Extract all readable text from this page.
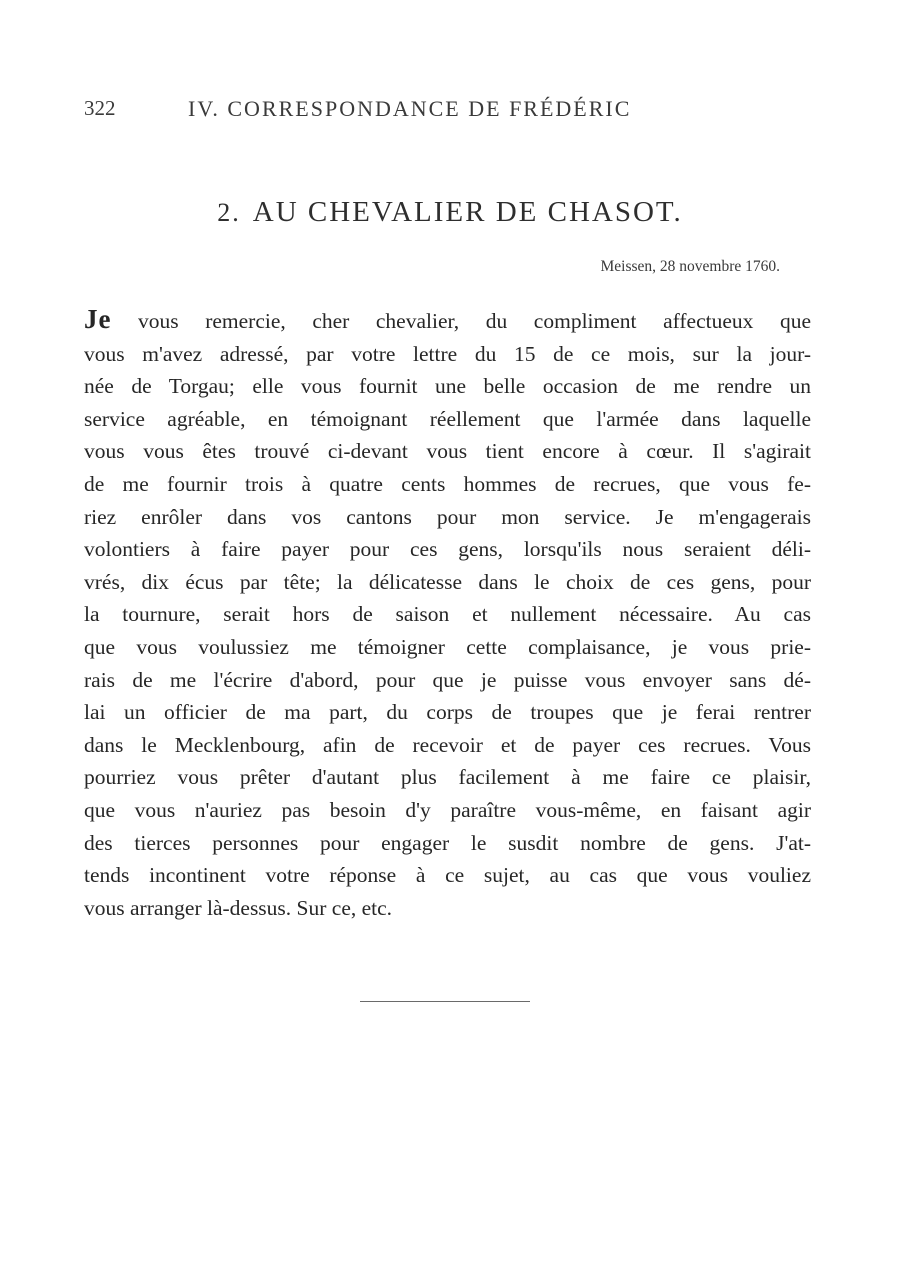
322	IV. CORRESPONDANCE DE FRÉDÉRIC
2. AU CHEVALIER DE CHASOT.
Meissen, 28 novembre 1760.
Je vous remercie, cher chevalier, du compliment affectueux que
vous m'avez adressé, par votre lettre du 15 de ce mois, sur la jour-
née de Torgau; elle vous fournit une belle occasion de me rendre un
service agréable, en témoignant réellement que l'armée dans laquelle
vous vous êtes trouvé ci-devant vous tient encore à cœur. Il s'agirait
de me fournir trois à quatre cents hommes de recrues, que vous fe-
riez enrôler dans vos cantons pour mon service. Je m'engagerais
volontiers à faire payer pour ces gens, lorsqu'ils nous seraient déli-
vrés, dix écus par tête; la délicatesse dans le choix de ces gens, pour
la tournure, serait hors de saison et nullement nécessaire. Au cas
que vous voulussiez me témoigner cette complaisance, je vous prie-
rais de me l'écrire d'abord, pour que je puisse vous envoyer sans dé-
lai un officier de ma part, du corps de troupes que je ferai rentrer
dans le Mecklenbourg, afin de recevoir et de payer ces recrues. Vous
pourriez vous prêter d'autant plus facilement à me faire ce plaisir,
que vous n'auriez pas besoin d'y paraître vous-même, en faisant agir
des tierces personnes pour engager le susdit nombre de gens. J'at-
tends incontinent votre réponse à ce sujet, au cas que vous vouliez
vous arranger là-dessus. Sur ce, etc.
